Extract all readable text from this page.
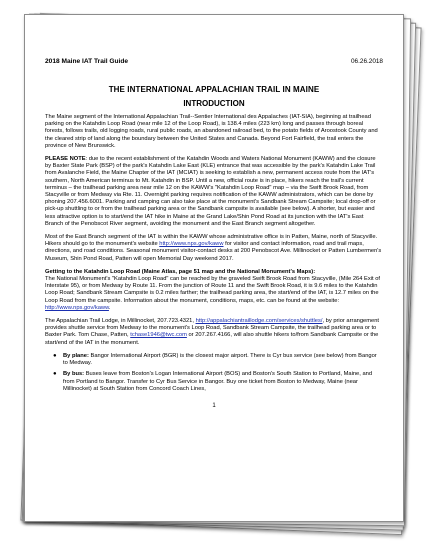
2018 Maine IAT Trail Guide	06.26.2018
THE INTERNATIONAL APPALACHIAN TRAIL IN MAINE
INTRODUCTION

The Maine segment of the International Appalachian Trail--Sentier International des Appalaches (IAT-SIA), beginning at trailhead parking on the Katahdin Loop Road (near mile 12 of the Loop Road), is 138.4 miles (223 km) long and passes through boreal forests, follows trails, old logging roads, rural public roads, an abandoned railroad bed, to the potato fields of Aroostook County and the cleared strip of land along the boundary between the United States and Canada. Beyond Fort Fairfield, the trail enters the province of New Brunswick.

PLEASE NOTE: due to the recent establishment of the Katahdin Woods and Waters National Monument (KAWW) and the closure by Baxter State Park (BSP) of the park's Katahdin Lake East (KLE) entrance that was accessible by the park's Katahdin Lake Trail from Avalanche Field, the Maine Chapter of the IAT (MCIAT) is seeking to establish a new, permanent access route from the IAT's southern, North American terminus to Mt. Katahdin in BSP. Until a new, official route is in place, hikers reach the trail's current terminus – the trailhead parking area near mile 12 on the KAWW's "Katahdin Loop Road" map – via the Swift Brook Road, from Stacyville or from Medway via Rte. 11. Overnight parking requires notification of the KAWW administrators, which can be done by phoning 207.456.6001. Parking and camping can also take place at the monument's Sandbank Stream Campsite; local drop-off or pick-up shuttling to or from the trailhead parking area or the Sandbank campsite is available (see below). A shorter, but easier and less attractive option is to start/end the IAT hike in Maine at the Grand Lake/Shin Pond Road at its junction with the IAT's East Branch of the Penobscot River segment, avoiding the monument and the East Branch segment altogether.

Most of the East Branch segment of the IAT is within the KAWW whose administrative office is in Patten, Maine, north of Stacyville. Hikers should go to the monument's website http://www.nps.gov/kaww for visitor and contact information, road and trail maps, directions, and road conditions. Seasonal monument visitor-contact desks at 200 Penobscot Ave. Millinocket or Patten Lumbermen's Museum, Shin Pond Road, Patten will open Memorial Day weekend 2017.

Getting to the Katahdin Loop Road (Maine Atlas, page 51 map and the National Monument's Maps):
The National Monument's "Katahdin Loop Road" can be reached by the graveled Swift Brook Road from Stacyville, (Mile 264 Exit of Interstate 95), or from Medway by Route 11. From the junction of Route 11 and the Swift Brook Road, it is 9.6 miles to the Katahdin Loop Road; Sandbank Stream Campsite is 0.2 miles farther; the trailhead parking area, the start/end of the IAT, is 12.7 miles on the Loop Road from the campsite. Information about the monument, conditions, maps, etc. can be found at the website: http://www.nps.gov/kaww.

The Appalachian Trail Lodge, in Millinocket, 207.723.4321, http://appalachiantraillodge.com/services/shuttles/, by prior arrangement provides shuttle service from Medway to the monument's Loop Road, Sandbank Stream Campsite, the trailhead parking area or to Baxter Park. Tom Chase, Patten, tchase1946@twc.com or 207.267.4166, will also shuttle hikers to/from Sandbank Campsite or the start/end of the IAT in the monument.

● By plane: Bangor International Airport (BGR) is the closest major airport. There is Cyr bus service (see below) from Bangor to Medway.
● By bus: Buses leave from Boston's Logan International Airport (BOS) and Boston's South Station to Portland, Maine, and from Portland to Bangor. Transfer to Cyr Bus Service in Bangor. Buy one ticket from Boston to Medway, Maine (near Millinocket) at South Station from Concord Coach Lines,
1
